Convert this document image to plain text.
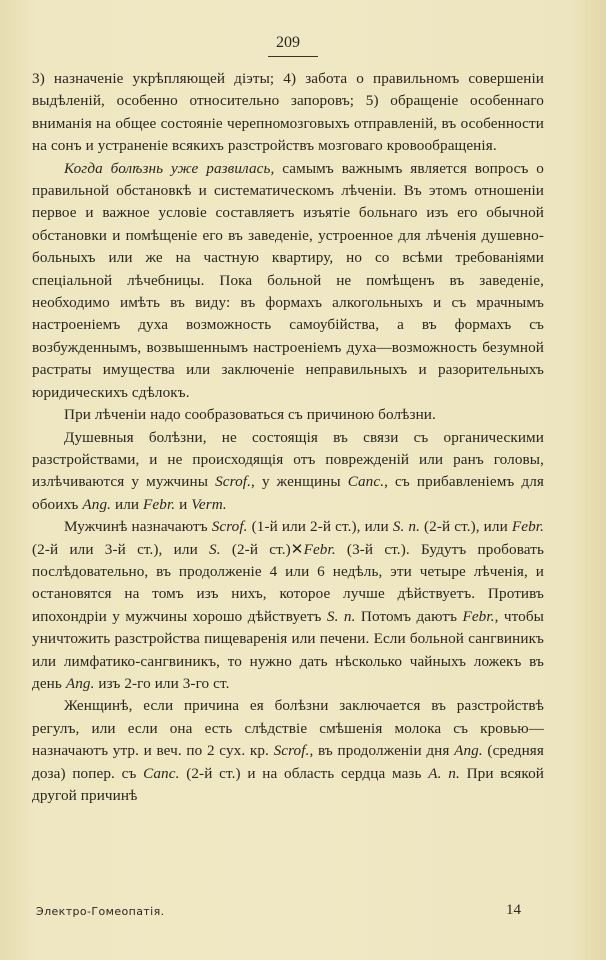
209

3) назначеніе укрѣпляющей діэты; 4) забота о правильномъ совершеніи выдѣленій, особенно относительно запоровъ; 5) обращеніе особеннаго вниманія на общее состояніе черепномозговыхъ отправленій, въ особенности на сонъ и устраненіе всякихъ разстройствъ мозговаго кровообращенія.

Когда болѣзнь уже развилась, самымъ важнымъ является вопросъ о правильной обстановкѣ и систематическомъ лѣченіи. Въ этомъ отношеніи первое и важное условіе составляетъ изъятіе больнаго изъ его обычной обстановки и помѣщеніе его въ заведеніе, устроенное для лѣченія душевно-больныхъ или же на частную квартиру, но со всѣми требованіями спеціальной лѣчебницы. Пока больной не помѣщенъ въ заведеніе, необходимо имѣть въ виду: въ формахъ алкогольныхъ и съ мрачнымъ настроеніемъ духа возможность самоубійства, а въ формахъ съ возбужденнымъ, возвышеннымъ настроеніемъ духа—возможность безумной растраты имущества или заключеніе неправильныхъ и разорительныхъ юридическихъ сдѣлокъ.

При лѣченіи надо сообразоваться съ причиною болѣзни.

Душевныя болѣзни, не состоящія въ связи съ органическими разстройствами, и не происходящія отъ поврежденій или ранъ головы, излѣчиваются у мужчины Scrof., у женщины Canc., съ прибавленіемъ для обоихъ Ang. или Febr. и Verm.

Мужчинѣ назначаютъ Scrof. (1-й или 2-й ст.), или S. n. (2-й ст.), или Febr. (2-й или 3-й ст.), или S. (2-й ст.)✕Febr. (3-й ст.). Будутъ пробовать послѣдовательно, въ продолженіе 4 или 6 недѣль, эти четыре лѣченія, и остановятся на томъ изъ нихъ, которое лучше дѣйствуетъ. Противъ ипохондріи у мужчины хорошо дѣйствуетъ S. n. Потомъ даютъ Febr., чтобы уничтожить разстройства пищеваренія или печени. Если больной сангвиникъ или лимфатико-сангвиникъ, то нужно дать нѣсколько чайныхъ ложекъ въ день Ang. изъ 2-го или 3-го ст.

Женщинѣ, если причина ея болѣзни заключается въ разстройствѣ регулъ, или если она есть слѣдствіе смѣшенія молока съ кровью—назначаютъ утр. и веч. по 2 сух. кр. Scrof., въ продолженіи дня Ang. (средняя доза) попер. съ Canc. (2-й ст.) и на область сердца мазь A. n. При всякой другой причинѣ

Электро-Гомеопатія.	14
